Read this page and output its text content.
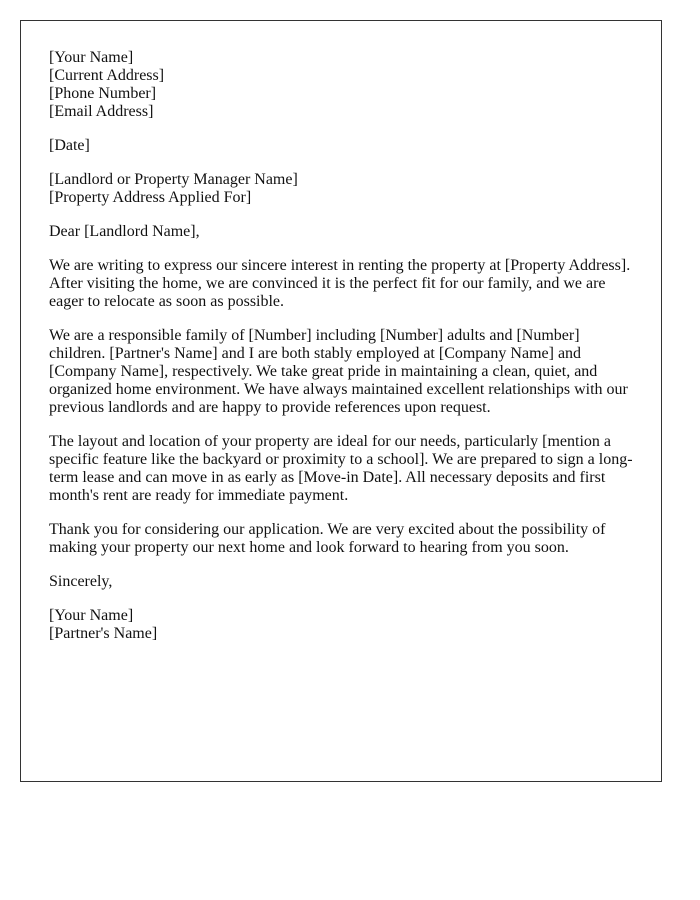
[Your Name]
[Current Address]
[Phone Number]
[Email Address]

[Date]

[Landlord or Property Manager Name]
[Property Address Applied For]

Dear [Landlord Name],

We are writing to express our sincere interest in renting the property at [Property Address]. After visiting the home, we are convinced it is the perfect fit for our family, and we are eager to relocate as soon as possible.

We are a responsible family of [Number] including [Number] adults and [Number] children. [Partner's Name] and I are both stably employed at [Company Name] and [Company Name], respectively. We take great pride in maintaining a clean, quiet, and organized home environment. We have always maintained excellent relationships with our previous landlords and are happy to provide references upon request.

The layout and location of your property are ideal for our needs, particularly [mention a specific feature like the backyard or proximity to a school]. We are prepared to sign a long-term lease and can move in as early as [Move-in Date]. All necessary deposits and first month's rent are ready for immediate payment.

Thank you for considering our application. We are very excited about the possibility of making your property our next home and look forward to hearing from you soon.

Sincerely,

[Your Name]
[Partner's Name]
